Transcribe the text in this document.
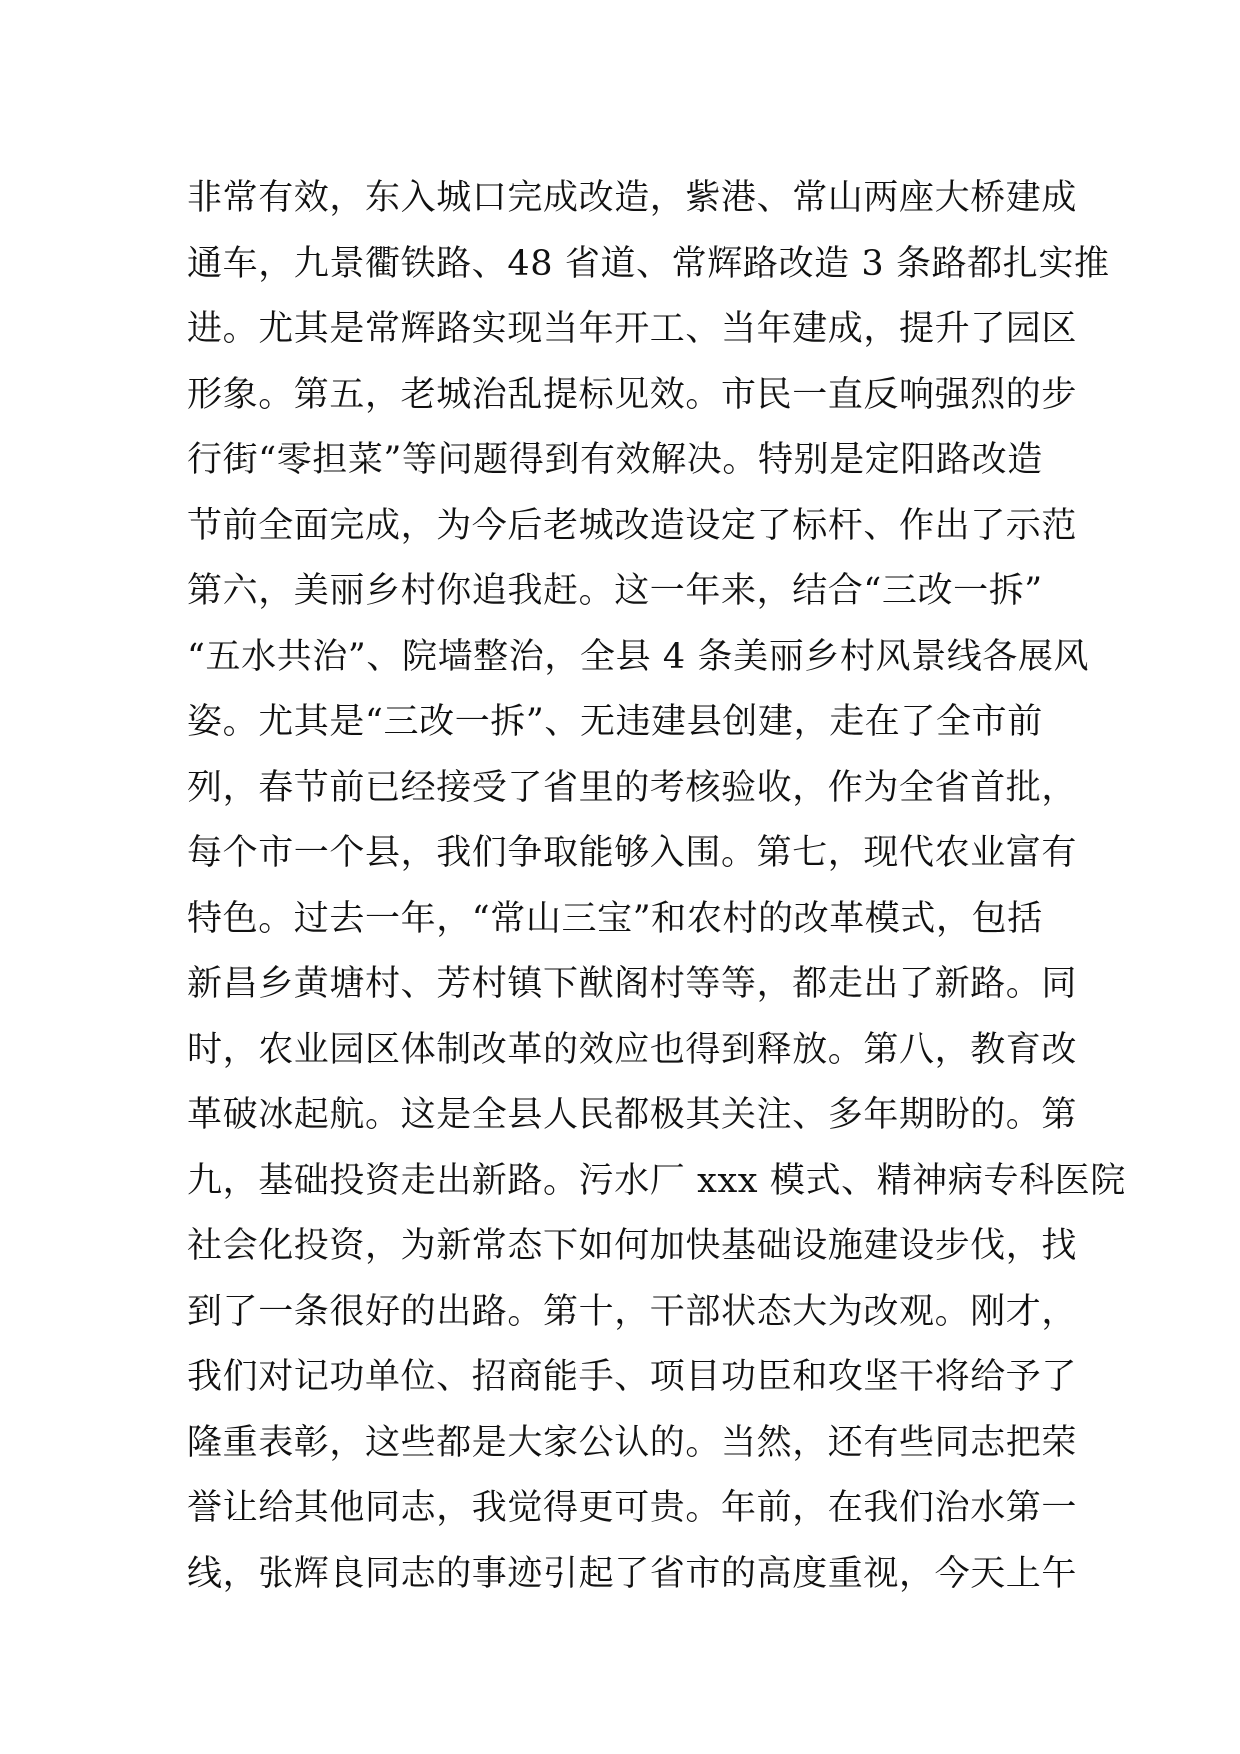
非常有效，东入城口完成改造，紫港、常山两座大桥建成
通车，九景衢铁路、48 省道、常辉路改造 3 条路都扎实推
进。尤其是常辉路实现当年开工、当年建成，提升了园区
形象。第五，老城治乱提标见效。市民一直反响强烈的步
行街“零担菜”等问题得到有效解决。特别是定阳路改造
节前全面完成，为今后老城改造设定了标杆、作出了示范
第六，美丽乡村你追我赶。这一年来，结合“三改一拆”
“五水共治”、院墙整治，全县 4 条美丽乡村风景线各展风
姿。尤其是“三改一拆”、无违建县创建，走在了全市前
列，春节前已经接受了省里的考核验收，作为全省首批，
每个市一个县，我们争取能够入围。第七，现代农业富有
特色。过去一年，“常山三宝”和农村的改革模式，包括
新昌乡黄塘村、芳村镇下猷阁村等等，都走出了新路。同
时，农业园区体制改革的效应也得到释放。第八，教育改
革破冰起航。这是全县人民都极其关注、多年期盼的。第
九，基础投资走出新路。污水厂 xxx 模式、精神病专科医院
社会化投资，为新常态下如何加快基础设施建设步伐，找
到了一条很好的出路。第十，干部状态大为改观。刚才，
我们对记功单位、招商能手、项目功臣和攻坚干将给予了
隆重表彰，这些都是大家公认的。当然，还有些同志把荣
誉让给其他同志，我觉得更可贵。年前，在我们治水第一
线，张辉良同志的事迹引起了省市的高度重视，今天上午
